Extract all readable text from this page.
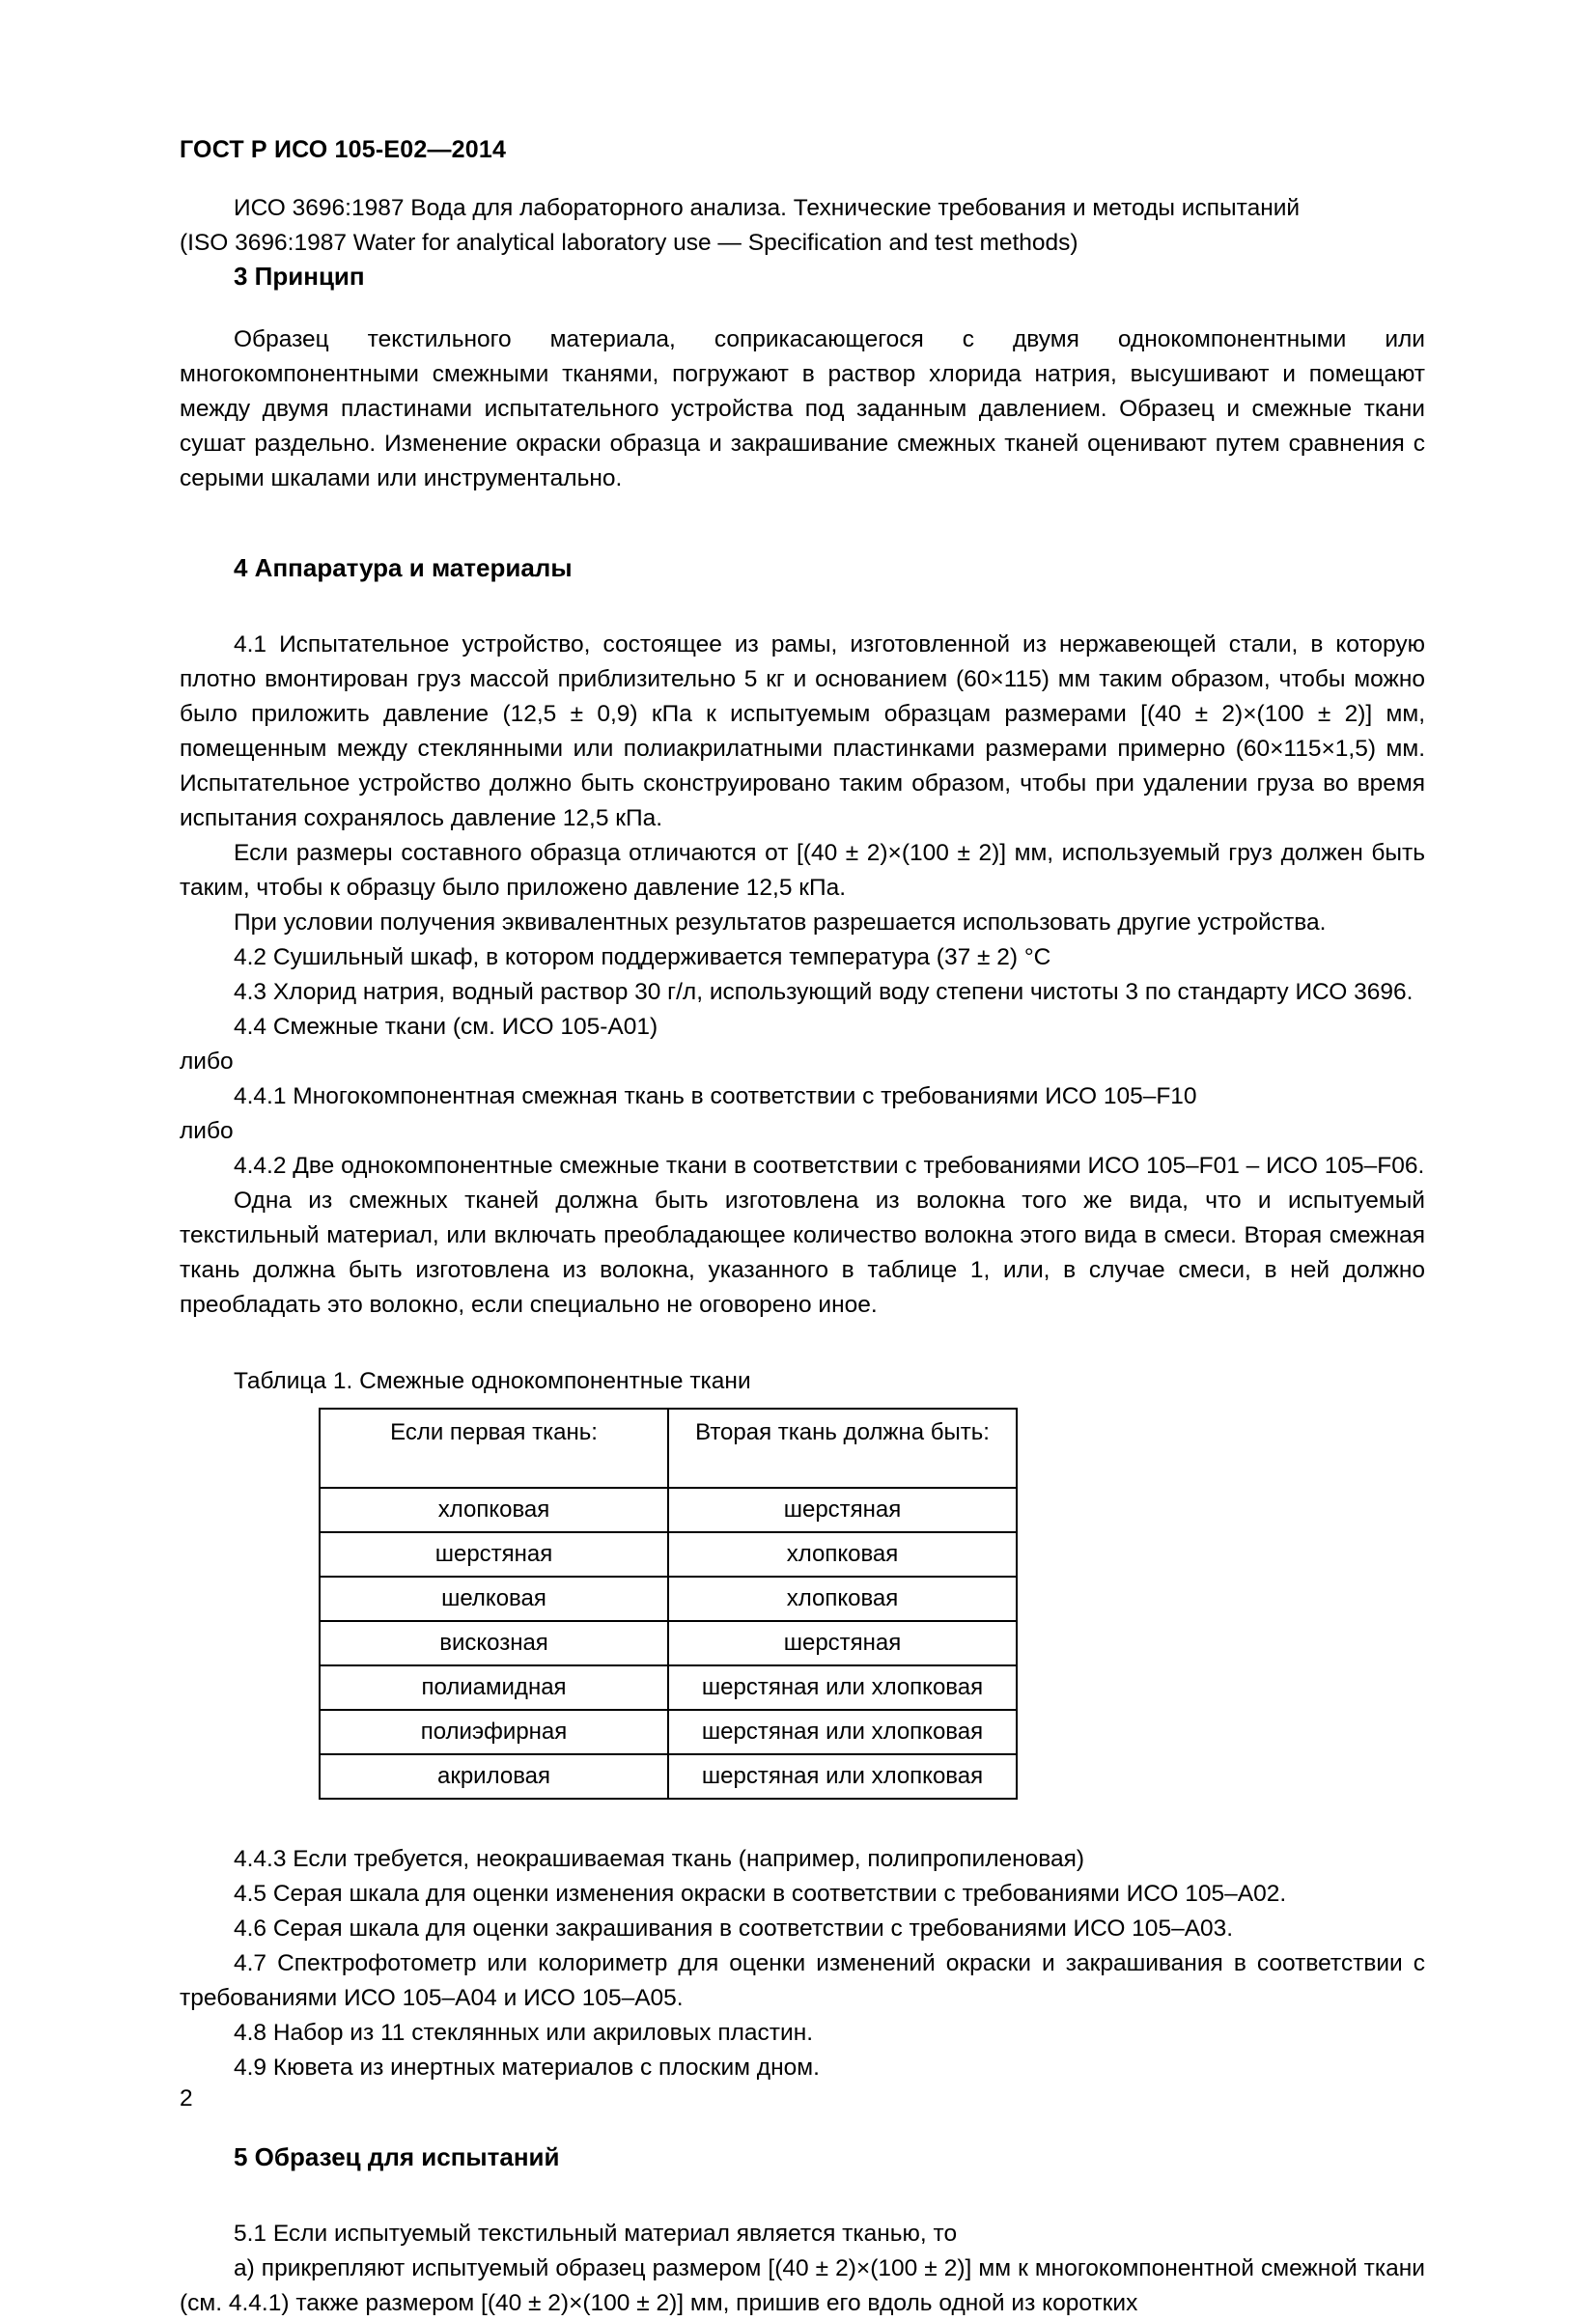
ГОСТ Р ИСО 105-E02—2014

ИСО 3696:1987 Вода для лабораторного анализа. Технические требования и методы испытаний

(ISO 3696:1987 Water for analytical laboratory use — Specification and test methods)

3 Принцип

Образец текстильного материала, соприкасающегося с двумя однокомпонентными или многокомпонентными смежными тканями, погружают в раствор хлорида натрия, высушивают и помещают между двумя пластинами испытательного устройства под заданным давлением. Образец и смежные ткани сушат раздельно. Изменение окраски образца и закрашивание смежных тканей оценивают путем сравнения с серыми шкалами или инструментально.

4 Аппаратура и материалы

4.1 Испытательное устройство, состоящее из рамы, изготовленной из нержавеющей стали, в которую плотно вмонтирован груз массой приблизительно 5 кг и основанием (60×115) мм таким образом, чтобы можно было приложить давление (12,5 ± 0,9) кПа к испытуемым образцам размерами [(40 ± 2)×(100 ± 2)] мм, помещенным между стеклянными или полиакрилатными пластинками размерами примерно (60×115×1,5) мм. Испытательное устройство должно быть сконструировано таким образом, чтобы при удалении груза во время испытания сохранялось давление 12,5 кПа.

Если размеры составного образца отличаются от [(40 ± 2)×(100 ± 2)] мм, используемый груз должен быть таким, чтобы к образцу было приложено давление 12,5 кПа.

При условии получения эквивалентных результатов разрешается использовать другие устройства.

4.2 Сушильный шкаф, в котором поддерживается температура (37 ± 2) °C

4.3 Хлорид натрия, водный раствор 30 г/л, использующий воду степени чистоты 3 по стандарту ИСО 3696.

4.4 Смежные ткани (см. ИСО 105-A01)

либо

4.4.1 Многокомпонентная смежная ткань в соответствии с требованиями ИСО 105–F10

либо

4.4.2 Две однокомпонентные смежные ткани в соответствии с требованиями ИСО 105–F01 – ИСО 105–F06.

Одна из смежных тканей должна быть изготовлена из волокна того же вида, что и испытуемый текстильный материал, или включать преобладающее количество волокна этого вида в смеси. Вторая смежная ткань должна быть изготовлена из волокна, указанного в таблице 1, или, в случае смеси, в ней должно преобладать это волокно, если специально не оговорено иное.

Таблица 1. Смежные однокомпонентные ткани
Если первая ткань:	Вторая ткань должна быть:
хлопковая	шерстяная
шерстяная	хлопковая
шелковая	хлопковая
вискозная	шерстяная
полиамидная	шерстяная или хлопковая
полиэфирная	шерстяная или хлопковая
акриловая	шерстяная или хлопковая

4.4.3 Если требуется, неокрашиваемая ткань (например, полипропиленовая)

4.5 Серая шкала для оценки изменения окраски в соответствии с требованиями ИСО 105–A02.

4.6 Серая шкала для оценки закрашивания в соответствии с требованиями ИСО 105–A03.

4.7 Спектрофотометр или колориметр для оценки изменений окраски и закрашивания в соответствии с требованиями ИСО 105–A04 и ИСО 105–A05.

4.8 Набор из 11 стеклянных или акриловых пластин.

4.9 Кювета из инертных материалов с плоским дном.

5 Образец для испытаний

5.1 Если испытуемый текстильный материал является тканью, то

а) прикрепляют испытуемый образец размером [(40 ± 2)×(100 ± 2)] мм к многокомпонентной смежной ткани (см. 4.4.1) также размером [(40 ± 2)×(100 ± 2)] мм, пришив его вдоль одной из коротких

2
